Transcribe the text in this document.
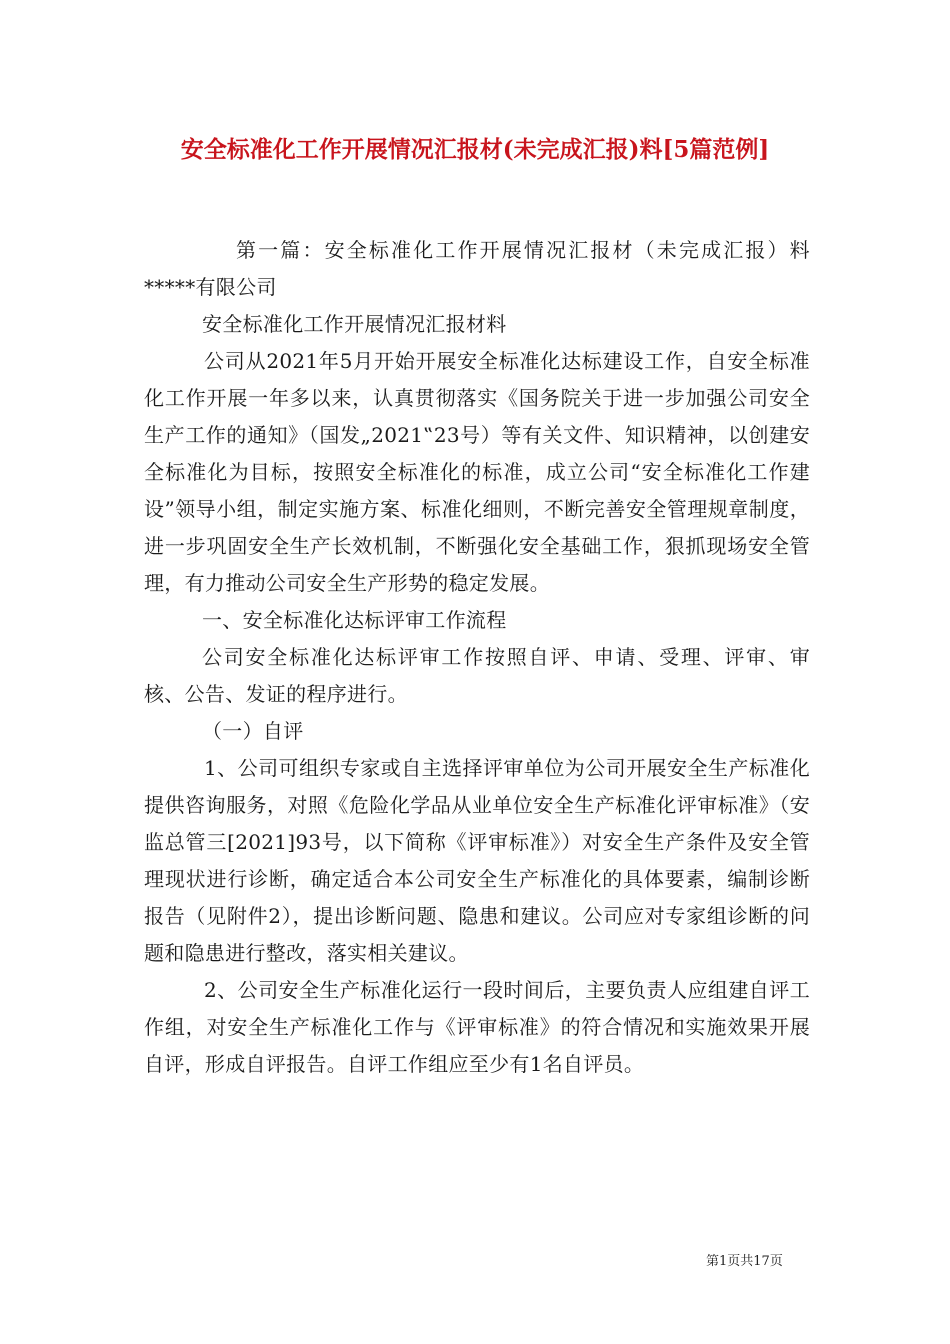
安全标准化工作开展情况汇报材(未完成汇报)料[5篇范例]

第一篇：安全标准化工作开展情况汇报材（未完成汇报）料*****有限公司

安全标准化工作开展情况汇报材料

公司从2021年5月开始开展安全标准化达标建设工作，自安全标准化工作开展一年多以来，认真贯彻落实《国务院关于进一步加强公司安全生产工作的通知》（国发„2021‟23号）等有关文件、知识精神，以创建安全标准化为目标，按照安全标准化的标准，成立公司“安全标准化工作建设”领导小组，制定实施方案、标准化细则，不断完善安全管理规章制度，进一步巩固安全生产长效机制，不断强化安全基础工作，狠抓现场安全管理，有力推动公司安全生产形势的稳定发展。

一、安全标准化达标评审工作流程

公司安全标准化达标评审工作按照自评、申请、受理、评审、审核、公告、发证的程序进行。

（一）自评

1、公司可组织专家或自主选择评审单位为公司开展安全生产标准化提供咨询服务，对照《危险化学品从业单位安全生产标准化评审标准》（安监总管三[2021]93号，以下简称《评审标准》）对安全生产条件及安全管理现状进行诊断，确定适合本公司安全生产标准化的具体要素，编制诊断报告（见附件2），提出诊断问题、隐患和建议。公司应对专家组诊断的问题和隐患进行整改，落实相关建议。

2、公司安全生产标准化运行一段时间后，主要负责人应组建自评工作组，对安全生产标准化工作与《评审标准》的符合情况和实施效果开展自评，形成自评报告。自评工作组应至少有1名自评员。

第1页共17页
